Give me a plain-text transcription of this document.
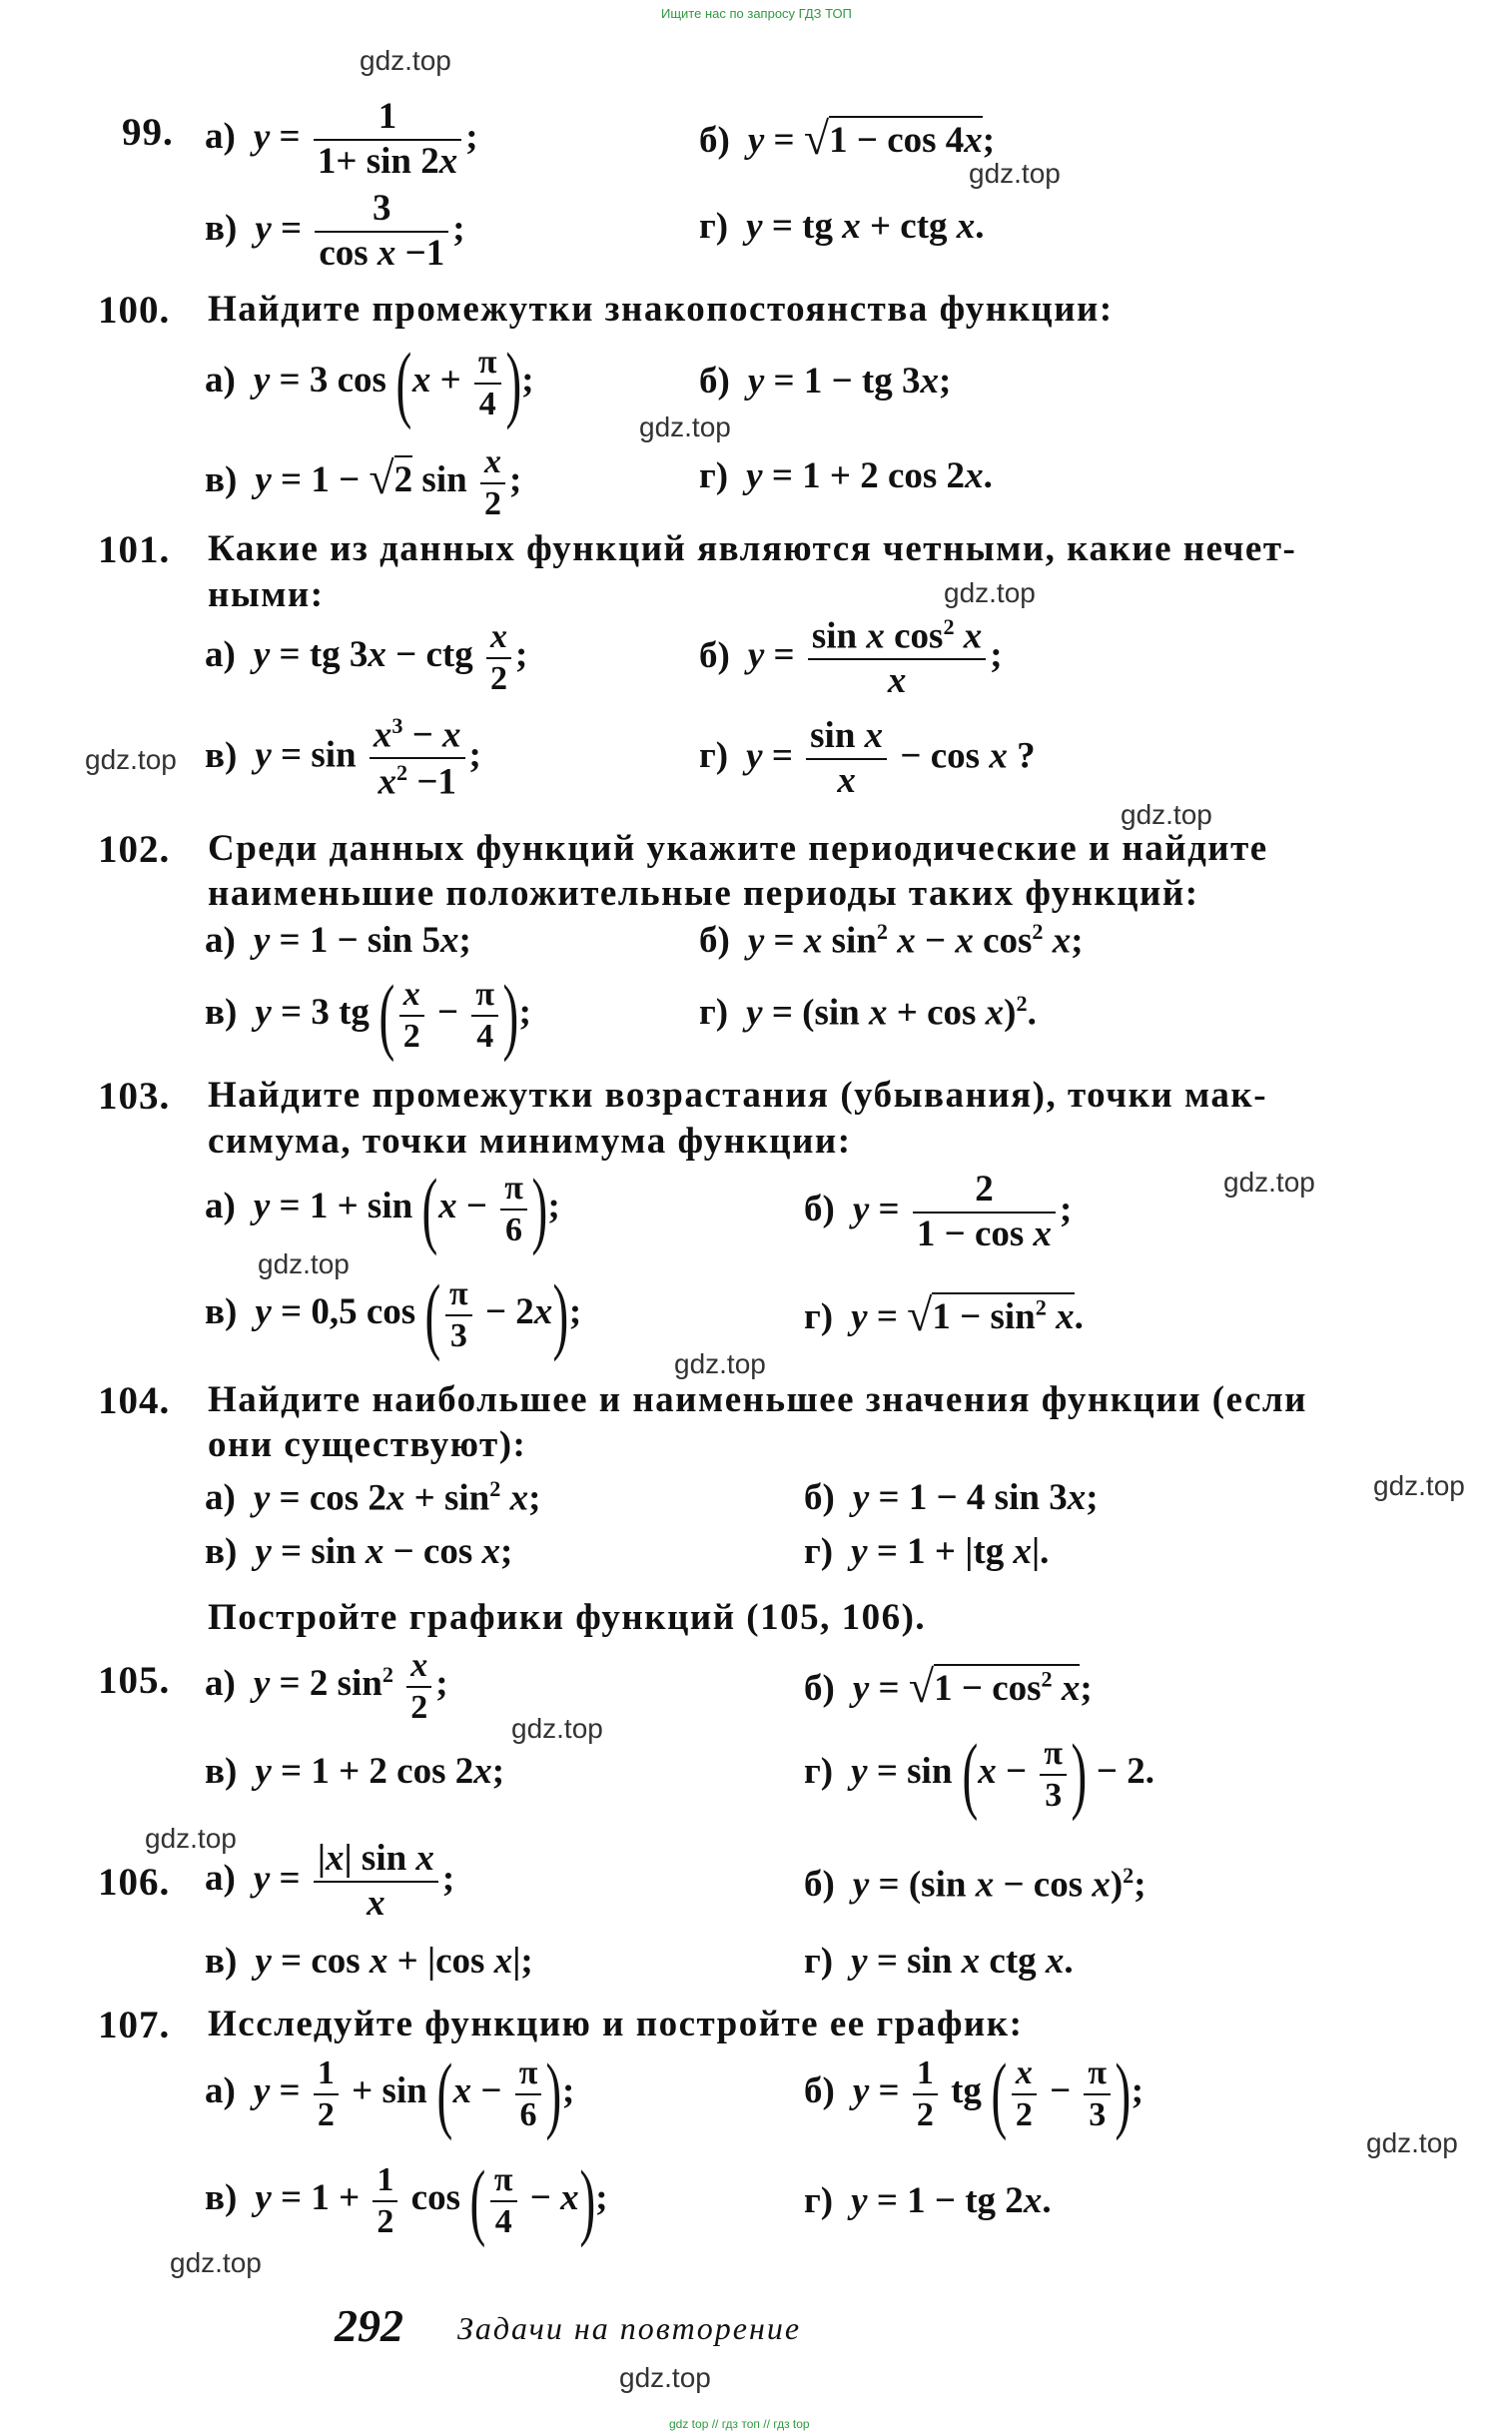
Ищите нас по запросу ГДЗ ТОП
gdz.top
gdz.top
gdz.top
gdz.top
gdz.top
gdz.top
gdz.top
gdz.top
gdz.top
gdz.top
gdz.top
gdz.top
gdz.top
gdz.top
gdz.top
99. а) $y = \frac{1}{1+ \sin 2x}$ ;	б) y = √1 − cos 4x;
в) $y = \frac{3}{\text{cos x −1}}$ ;	г) y = tg x + ctg x.
100. Найдите промежутки знакопостоянства функции:
а) y = 3 $\cos (x + \frac{\pi}{4}$ );	б) y = 1 − tg 3x;
в) y = 1 − √2 $\sin \frac{x}{2}$ ;	г) y = 1 + 2 cos 2x.
101. Какие из данных функций являются четными, какие нечет-
ными:
а) y = tg 3x − ctg $\frac{x}{2}$ ;	б) $y = \frac{\sin x \cos^2 x}{x}$ ;
в) $y = \sin \frac{x^3 - x}{x^2 -1}$ ;	г) $y = \frac{\text{sin x}}{x} - \cos x$ ?
102. Среди данных функций укажите периодические и найдите
наименьшие положительные периоды таких функций:
а) y = 1 − sin 5x;	б) y = x $\sin^2 x - x$ $\cos^2 x$;
в) y = 3 tg ( $\frac{x}{2} - \frac{\pi}{4}$ );	г) y = (sin x + cos x)$^2$.
103. Найдите промежутки возрастания (убывания), точки мак-
симума, точки минимума функции:
а) $y = 1 + \sin (x - \frac{\pi}{6}$ );	б) $y = \frac{2}{\text{1 − cos x}}$ ;
в) y = 0,5 cos ( $\frac{\pi}{3} - 2x$);	г) $y = √1 - \sin^2 x$.
104. Найдите наибольшее и наименьшее значения функции (если
они существуют):
а) $y = \cos 2x + \sin^2 x$;	б) y = 1 − 4 sin 3x;
в) y = sin x − cos x;	г) y = 1 + |tg x|.
Постройте графики функций (105, 106).
105. а) y = 2 $\sin^2 \frac{x}{2}$ ;	б) $y = √1 - \cos^2 x$;
в) y = 1 + 2 cos 2x;	г) $y = \sin (x - \frac{\pi}{3}$ ) − 2.
106. а) $y = \frac{\text{|x| sin x}}{x}$ ;	б) y = (sin x − cos x)$^2$;
в) y = cos x + |cos x|;	г) y = sin x ctg x.
107. Исследуйте функцию и постройте ее график:
а) $y = \frac{1}{2} + \sin (x - \frac{\pi}{6}$ );	б) $y = \frac{1}{2}$ tg ( $\frac{x}{2} - \frac{\pi}{3}$ );
в) $y = 1 + \frac{1}{2}$ cos ( $\frac{\pi}{4} - x$);	г) y = 1 − tg 2x.
292 Задачи на повторение
gdz top // гдз топ // гдз top
